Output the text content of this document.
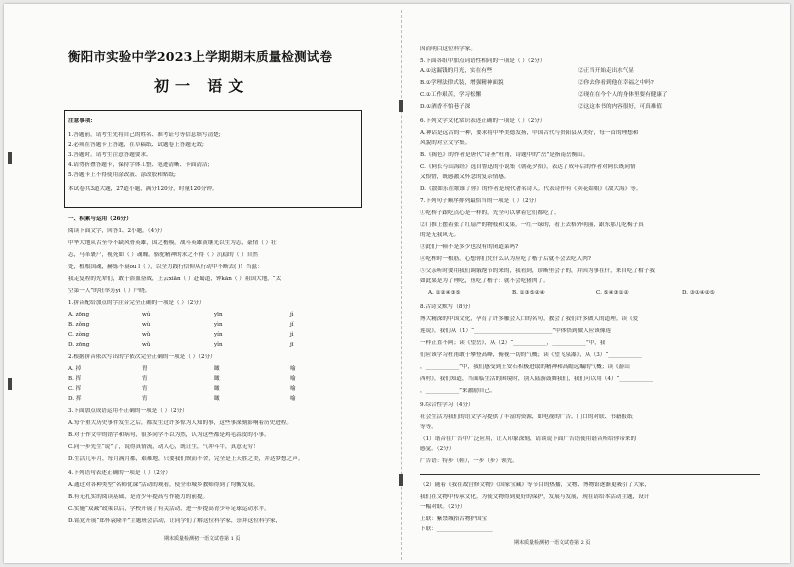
衡阳市实验中学2023上学期期末质量检测试卷
初一 语文
注意事项:
1.答题前，请考生先将自己的姓名、准考证号等信息填写清楚;
2.必须在答题卡上答题，在草稿纸、试题卷上答题无效;
3.答题时，请考生注意答题要求。
4.请勿折叠答题卡，保持字体工整、笔迹清晰、卡面清洁;
5.答题卡上不得使用涂改液、涂改胶和贴纸;
本试卷共3道大题，27道小题，满分120分，时量120分钟。
一、积累与运用（26分）
阅读下面文字，回答1、2小题。（4分）
中华大地从古至今不缺风骨英雄，国之楷模。战斗英雄黄继光以生为志，豪情（ ）壮
志，马革裹尸，视死如（ ）魂魄。骆驼精神的求之不得（ ）沉稳的（ ）自然
处，植根国魂，赫铄不衰ou l（ ），以全力践行信仰从行动中不断去( )！当兹：
我走复程的先辈们，敢于浴血奋战，上云xiān（ ）赴蜀道，钟kǎn（ ）祖国大地，“太
空第一人”的壮举芳yì（ ）户晓。
1.拼音配给加点的字注音完全正确的一项是（ ）（2分）
A. zōng	wú	yīn	jì
B. zǒng	wù	yìn	jǐ
C. zòng	wǔ	yín	jì
D. zōng	wǔ	yǐn	jī
2.根据拼音依次写出的字依次完全正确的一项是（ ）（2分）
A. 掉	胃	瞰	喻
B. 挥	宵	瞰	喻
C. 挥	宵	瞰	喻
D. 挥	宵	瞰	喻
3.下面加点成语运用不正确的一项是（ ）（2分）
A.每个重大历史事件发生之后，都发生过许多惊为人知的事，这些事深刻影响着历史进程。
B.对于作文中的错字和病句，很多同学不以为然，认为这些都是鸡毛蒜皮的小事。
C.同一步先生“说”了，说得真情流，动人心，既让生，气冲斗牛，真意无穷！
D.生活几年月，每月满月都，艰难地，只要我们锲而不舍，完全是上天胜之美，并达梦想之声。
4.下列语句表述正确的一项是（ ）（2分）
A.通过对各种类型“名师优课”活动的观看，使全市城乡教师得到了均衡发展。
B.有无扎实的阅读基础，是青少年提高写作能力的前提。
C.实施“双减”政策以后，学校开展了有关活动，进一步提高青少年足球运动水平。
D.铭党开展“郑怀袁隆平”主题班会活动，让同学们了解这位科学家，崇拜这位科学家，
期末质量检测初一语文试卷第 1 页
因而明白这位科学家。
5.下面各组中加点词语性相同的一项是（ ）（2分）
A.①这漏钱的月光，实在有些	②正当开始走出水气显
B.①学理法律式装，增强精神面貌	②你去你看到他在幸福之中吗?
C.①工作艰苦，学习松懈	②现在在今个人的身体里要有健康了
D.①酒香不怕巷子深	②这这本书的内容很好，可真难值
6.下列文学文化常识表述正确的一项是（ ）（2分）
A.神话是远古的一种，要求将中华美德发扬，中国古代与贵阳县从美好，每一首的理想和
风貌的对立文学集。
B.《揭色》的作者是唐代“诗圣”杜甫，诗题中的“岳”是指南岳衡山。
C.《阿长与山海经》选自鲁迅的小说集《朝花夕拾》，表达了成年后的作者对阿长既同情
又恨惜，既感激又怀念的复杂情感。
D.《散如乐在歌谁了你》的作者是现代著名诗人。代表诗作有《卖花姑娘》《敌大海》等。
7.下列句子顺序排列最恰当的一项是（ ）（2分）
①吃桥子跟吃点心是一样的，先全可以拿着它们都吃了。
②门推上摆着张了红扇严的物枝和叉果，一红一绿的，看上去格外明丽，跟东那儿吃梅子真
的是无我风无。
③此们一顿不是多少也没有的闭道菜吗?
④吃榨时一根筋，心想你们凭什么认为应吃了楷子后就不会去吃人肉?
⑤父亲听时要用我们调饿饱节的来的，我看到，诊断里会子的，并因为事在什，来自吃了柑子我
如此果是为了理吃，鱼吃了楷子：就不会吃猪肉了。
A. ①②④③⑤	B. ①③⑤②④	C. ⑤④③①②	D. ③①④②⑤
8.古诗文默写（8分）
博大精深的中国文化，孕育了许多触会人口的名句，教会了我们许多做人的道理。读《爱
莲说》，我们从（1）“____________________________”中体悟到做人应该像莲
一样正直不阿；读《望岳》，从（2）“____________，____________”中，我
们应该学习杜甫敢于攀登高峰，俯视一切的气概；读《望飞泉瀑》，从（3）“____________
，____________”中，我们感受到王安石积极进取的精神和高瞻远瞩的气概；读《游山
西村》，我们知道，当面临生活的困境时，别人陆游鼓舞我们，我们可以用（4）“____________
，____________”来激励自己。
9.综合性学习（4分）
社会生活为我们的语文学习提供了丰富的资源，如电视的广告、门口的对联、书籍报纸
等等。
（1）谐音在广告中广泛应用，让人印象深刻，请谈说下面广告语使用谐音所给你带来的
感觉。（2分）
广告语：特步（鞋），一步（步）领先。
（2）随着《我在故宫修文物》《国家宝藏》等节目的热播，文物、博物馆逐渐更吸引了大家，
我们在文物中传承文化。为使文物得到更好的保护，发展与发展，现在请给本活动主题，设计
一幅对联。（2分）
上联：紫禁城拾古物护国宝
下联：____________________
期末质量检测初一语文试卷第 2 页
